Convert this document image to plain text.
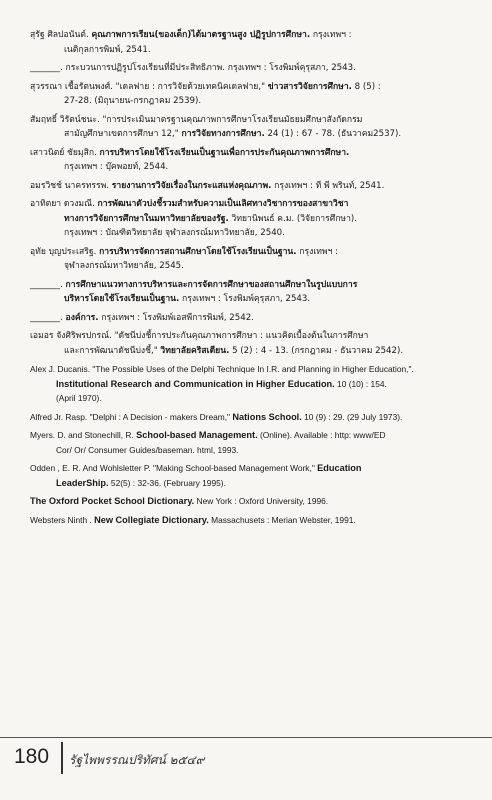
สุรัฐ ศิลปอนันต์. คุณภาพการเรียน(ของเด็ก)ได้มาตรฐานสูง ปฏิรูปการศึกษา. กรุงเทพฯ :
เนติกุลการพิมพ์, 2541.
_______. กระบวนการปฏิรูปโรงเรียนที่มีประสิทธิภาพ. กรุงเทพฯ : โรงพิมพ์คุรุสภา, 2543.
สุวรรณา เชื้อรัตนพงศ์. "เดลฟาย : การวิจัยด้วยเทคนิคเดลฟาย," ข่าวสารวิจัยการศึกษา. 8 (5) :
27-28. (มิถุนายน-กรกฎาคม 2539).
สัมฤทธิ์ วิรัตน์ชนะ. "การประเมินมาตรฐานคุณภาพการศึกษาโรงเรียนมัธยมศึกษาสังกัดกรม
สามัญศึกษาเขตการศึกษา 12," การวิจัยทางการศึกษา. 24 (1) : 67 - 78. (ธันวาคม2537).
เสาวนิตย์ ชัยมุสิก. การบริหารโดยใช้โรงเรียนเป็นฐานเพื่อการประกันคุณภาพการศึกษา.
กรุงเทพฯ : บุ๊คพอยท์, 2544.
อมรวิชช์ นาครทรรพ. รายงานการวิจัยเรื่องในกระแสแห่งคุณภาพ. กรุงเทพฯ : ที พี พรินท์, 2541.
อาทิตยา ดวงมณี. การพัฒนาตัวบ่งชี้รวมสำหรับความเป็นเลิศทางวิชาการของสาขาวิชา
ทางการวิจัยการศึกษาในมหาวิทยาลัยของรัฐ. วิทยานิพนธ์ ค.ม. (วิจัยการศึกษา).
กรุงเทพฯ : บัณฑิตวิทยาลัย จุฬาลงกรณ์มหาวิทยาลัย, 2540.
อุทัย บุญประเสริฐ. การบริหารจัดการสถานศึกษาโดยใช้โรงเรียนเป็นฐาน. กรุงเทพฯ :
จุฬาลงกรณ์มหาวิทยาลัย, 2545.
_______. การศึกษาแนวทางการบริหารและการจัดการศึกษาของสถานศึกษาในรูปแบบการ
บริหารโดยใช้โรงเรียนเป็นฐาน. กรุงเทพฯ : โรงพิมพ์คุรุสภา, 2543.
_______. องค์การ. กรุงเทพฯ : โรงพิมพ์เอสพีการพิมพ์, 2542.
เอมอร จังศิริพรปกรณ์. "ดัชนีบ่งชี้การประกันคุณภาพการศึกษา : แนวคิดเบื้องต้นในการศึกษา
และการพัฒนาดัชนีบ่งชี้," วิทยาลัยคริสเตียน. 5 (2) : 4 - 13. (กรกฎาคม - ธันวาคม 2542).
Alex J. Ducanis. "The Possible Uses of the Delphi Technique In I.R. and Planning in Higher Education,".
Institutional Research and Communication in Higher Education. 10 (10) : 154.
(April 1970).
Alfred Jr. Rasp. "Delphi : A Decision - makers Dream," Nations School. 10 (9) : 29. (29 July 1973).
Myers. D. and Stonechill, R. School-based Management. (Online). Available : http: www/ED
Cor/ Or/ Consumer Guides/baseman. html, 1993.
Odden , E. R. And Wohlsletter P. "Making School-based Management Work," Education
LeaderShip. 52(5) : 32-36. (February 1995).
The Oxford Pocket School Dictionary. New York : Oxford University, 1996.
Websters Ninth . New Collegiate Dictionary. Massachusets : Merian Webster, 1991.
180 รัฐไพพรรณปริทัศน์ ๒๕๔๙
